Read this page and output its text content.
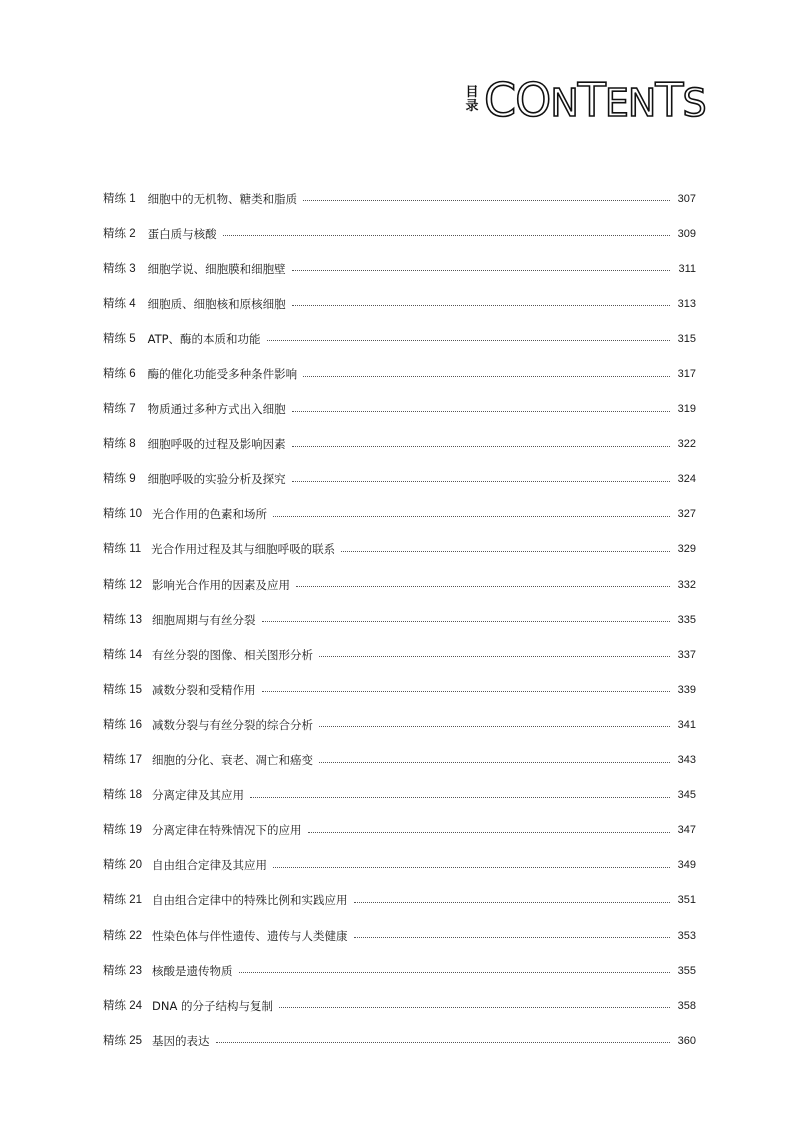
目
录 CONTENTS
精练 1 细胞中的无机物、糖类和脂质	307
精练 2 蛋白质与核酸	309
精练 3 细胞学说、细胞膜和细胞壁	311
精练 4 细胞质、细胞核和原核细胞	313
精练 5 ATP、酶的本质和功能	315
精练 6 酶的催化功能受多种条件影响	317
精练 7 物质通过多种方式出入细胞	319
精练 8 细胞呼吸的过程及影响因素	322
精练 9 细胞呼吸的实验分析及探究	324
精练 10 光合作用的色素和场所	327
精练 11 光合作用过程及其与细胞呼吸的联系	329
精练 12 影响光合作用的因素及应用	332
精练 13 细胞周期与有丝分裂	335
精练 14 有丝分裂的图像、相关图形分析	337
精练 15 减数分裂和受精作用	339
精练 16 减数分裂与有丝分裂的综合分析	341
精练 17 细胞的分化、衰老、凋亡和癌变	343
精练 18 分离定律及其应用	345
精练 19 分离定律在特殊情况下的应用	347
精练 20 自由组合定律及其应用	349
精练 21 自由组合定律中的特殊比例和实践应用	351
精练 22 性染色体与伴性遗传、遗传与人类健康	353
精练 23 核酸是遗传物质	355
精练 24 DNA 的分子结构与复制	358
精练 25 基因的表达	360
